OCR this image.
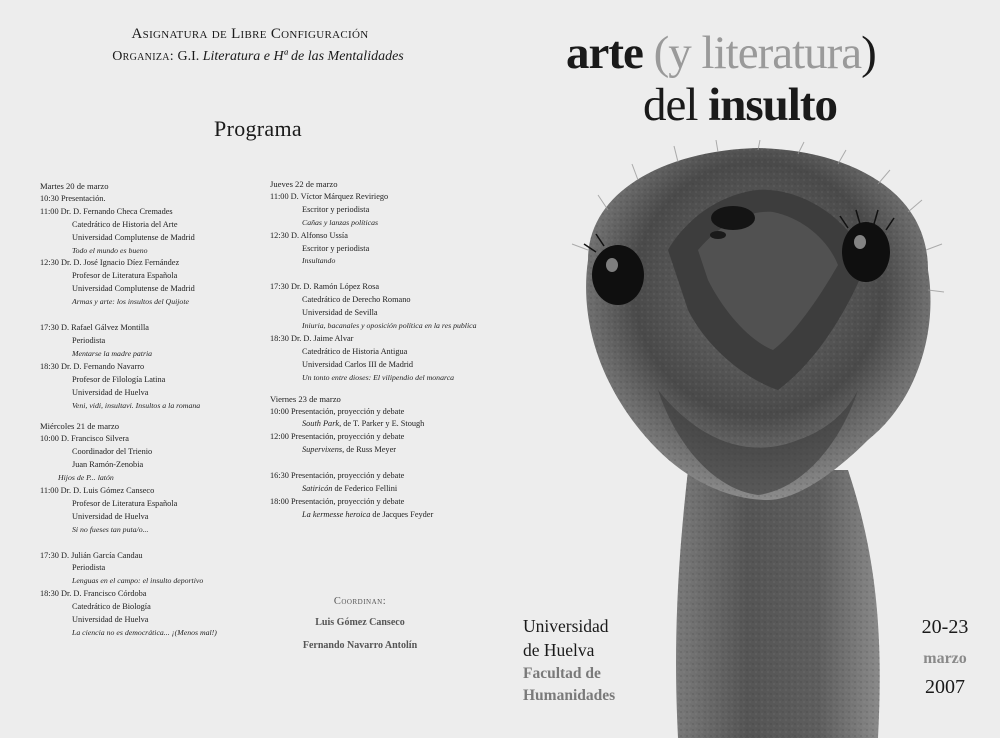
Asignatura de Libre Configuración
Organiza: G.I. Literatura e Hª de las Mentalidades
Programa
Martes 20 de marzo
10:30 Presentación.
11:00 Dr. D. Fernando Checa Cremades
Catedrático de Historia del Arte
Universidad Complutense de Madrid
Todo el mundo es bueno
12:30 Dr. D. José Ignacio Díez Fernández
Profesor de Literatura Española
Universidad Complutense de Madrid
Armas y arte: los insultos del Quijote
17:30 D. Rafael Gálvez Montilla
Periodista
Mentarse la madre patria
18:30 Dr. D. Fernando Navarro
Profesor de Filología Latina
Universidad de Huelva
Veni, vidi, insultavi. Insultos a la romana
Miércoles 21 de marzo
10:00 D. Francisco Silvera
Coordinador del Trienio
Juan Ramón-Zenobia
Hijos de P... latón
11:00 Dr. D. Luis Gómez Canseco
Profesor de Literatura Española
Universidad de Huelva
Si no fueses tan puta/o...
17:30 D. Julián García Candau
Periodista
Lenguas en el campo: el insulto deportivo
18:30 Dr. D. Francisco Córdoba
Catedrático de Biología
Universidad de Huelva
La ciencia no es democrática... ¡(Menos mal!)
Jueves 22 de marzo
11:00 D. Víctor Márquez Reviriego
Escritor y periodista
Cañas y lanzas políticas
12:30 D. Alfonso Ussía
Escritor y periodista
Insultando
17:30 Dr. D. Ramón López Rosa
Catedrático de Derecho Romano
Universidad de Sevilla
Iniuria, bacanales y oposición política en la res publica
18:30 Dr. D. Jaime Alvar
Catedrático de Historia Antigua
Universidad Carlos III de Madrid
Un tonto entre dioses: El vilipendio del monarca
Viernes 23 de marzo
10:00 Presentación, proyección y debate
South Park, de T. Parker y E. Stough
12:00 Presentación, proyección y debate
Supervixens, de Russ Meyer
16:30 Presentación, proyección y debate
Satiricón de Federico Fellini
18:00 Presentación, proyección y debate
La kermesse heroica de Jacques Feyder
Coordinan:
Luis Gómez Canseco
Fernando Navarro Antolín
arte (y literatura)
del insulto
Universidad
de Huelva
Facultad de
Humanidades
20-23
marzo
2007
